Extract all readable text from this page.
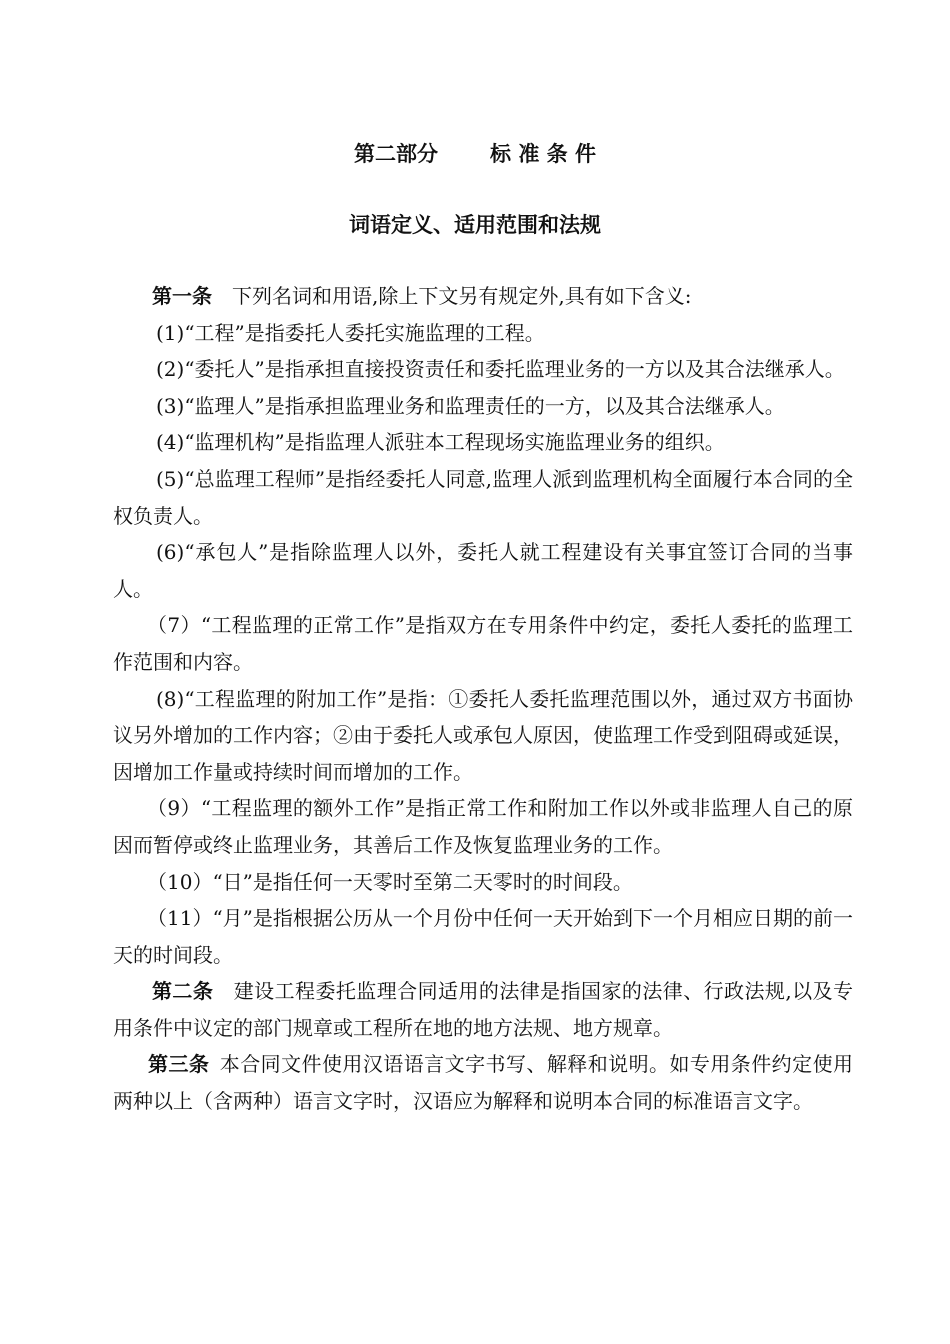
第二部分 标 准 条 件
词语定义、适用范围和法规

第一条 下列名词和用语,除上下文另有规定外,具有如下含义:

(1)“工程”是指委托人委托实施监理的工程。

(2)“委托人”是指承担直接投资责任和委托监理业务的一方以及其合法继承人。

(3)“监理人”是指承担监理业务和监理责任的一方，以及其合法继承人。

(4)“监理机构”是指监理人派驻本工程现场实施监理业务的组织。

(5)“总监理工程师”是指经委托人同意,监理人派到监理机构全面履行本合同的全权负责人。

(6)“承包人”是指除监理人以外，委托人就工程建设有关事宜签订合同的当事人。

（7）“工程监理的正常工作”是指双方在专用条件中约定，委托人委托的监理工作范围和内容。

(8)“工程监理的附加工作”是指：①委托人委托监理范围以外，通过双方书面协议另外增加的工作内容；②由于委托人或承包人原因，使监理工作受到阻碍或延误，因增加工作量或持续时间而增加的工作。

（9）“工程监理的额外工作”是指正常工作和附加工作以外或非监理人自己的原因而暂停或终止监理业务，其善后工作及恢复监理业务的工作。

（10）“日”是指任何一天零时至第二天零时的时间段。

（11）“月”是指根据公历从一个月份中任何一天开始到下一个月相应日期的前一天的时间段。

第二条 建设工程委托监理合同适用的法律是指国家的法律、行政法规,以及专用条件中议定的部门规章或工程所在地的地方法规、地方规章。

第三条 本合同文件使用汉语语言文字书写、解释和说明。如专用条件约定使用两种以上（含两种）语言文字时，汉语应为解释和说明本合同的标准语言文字。
